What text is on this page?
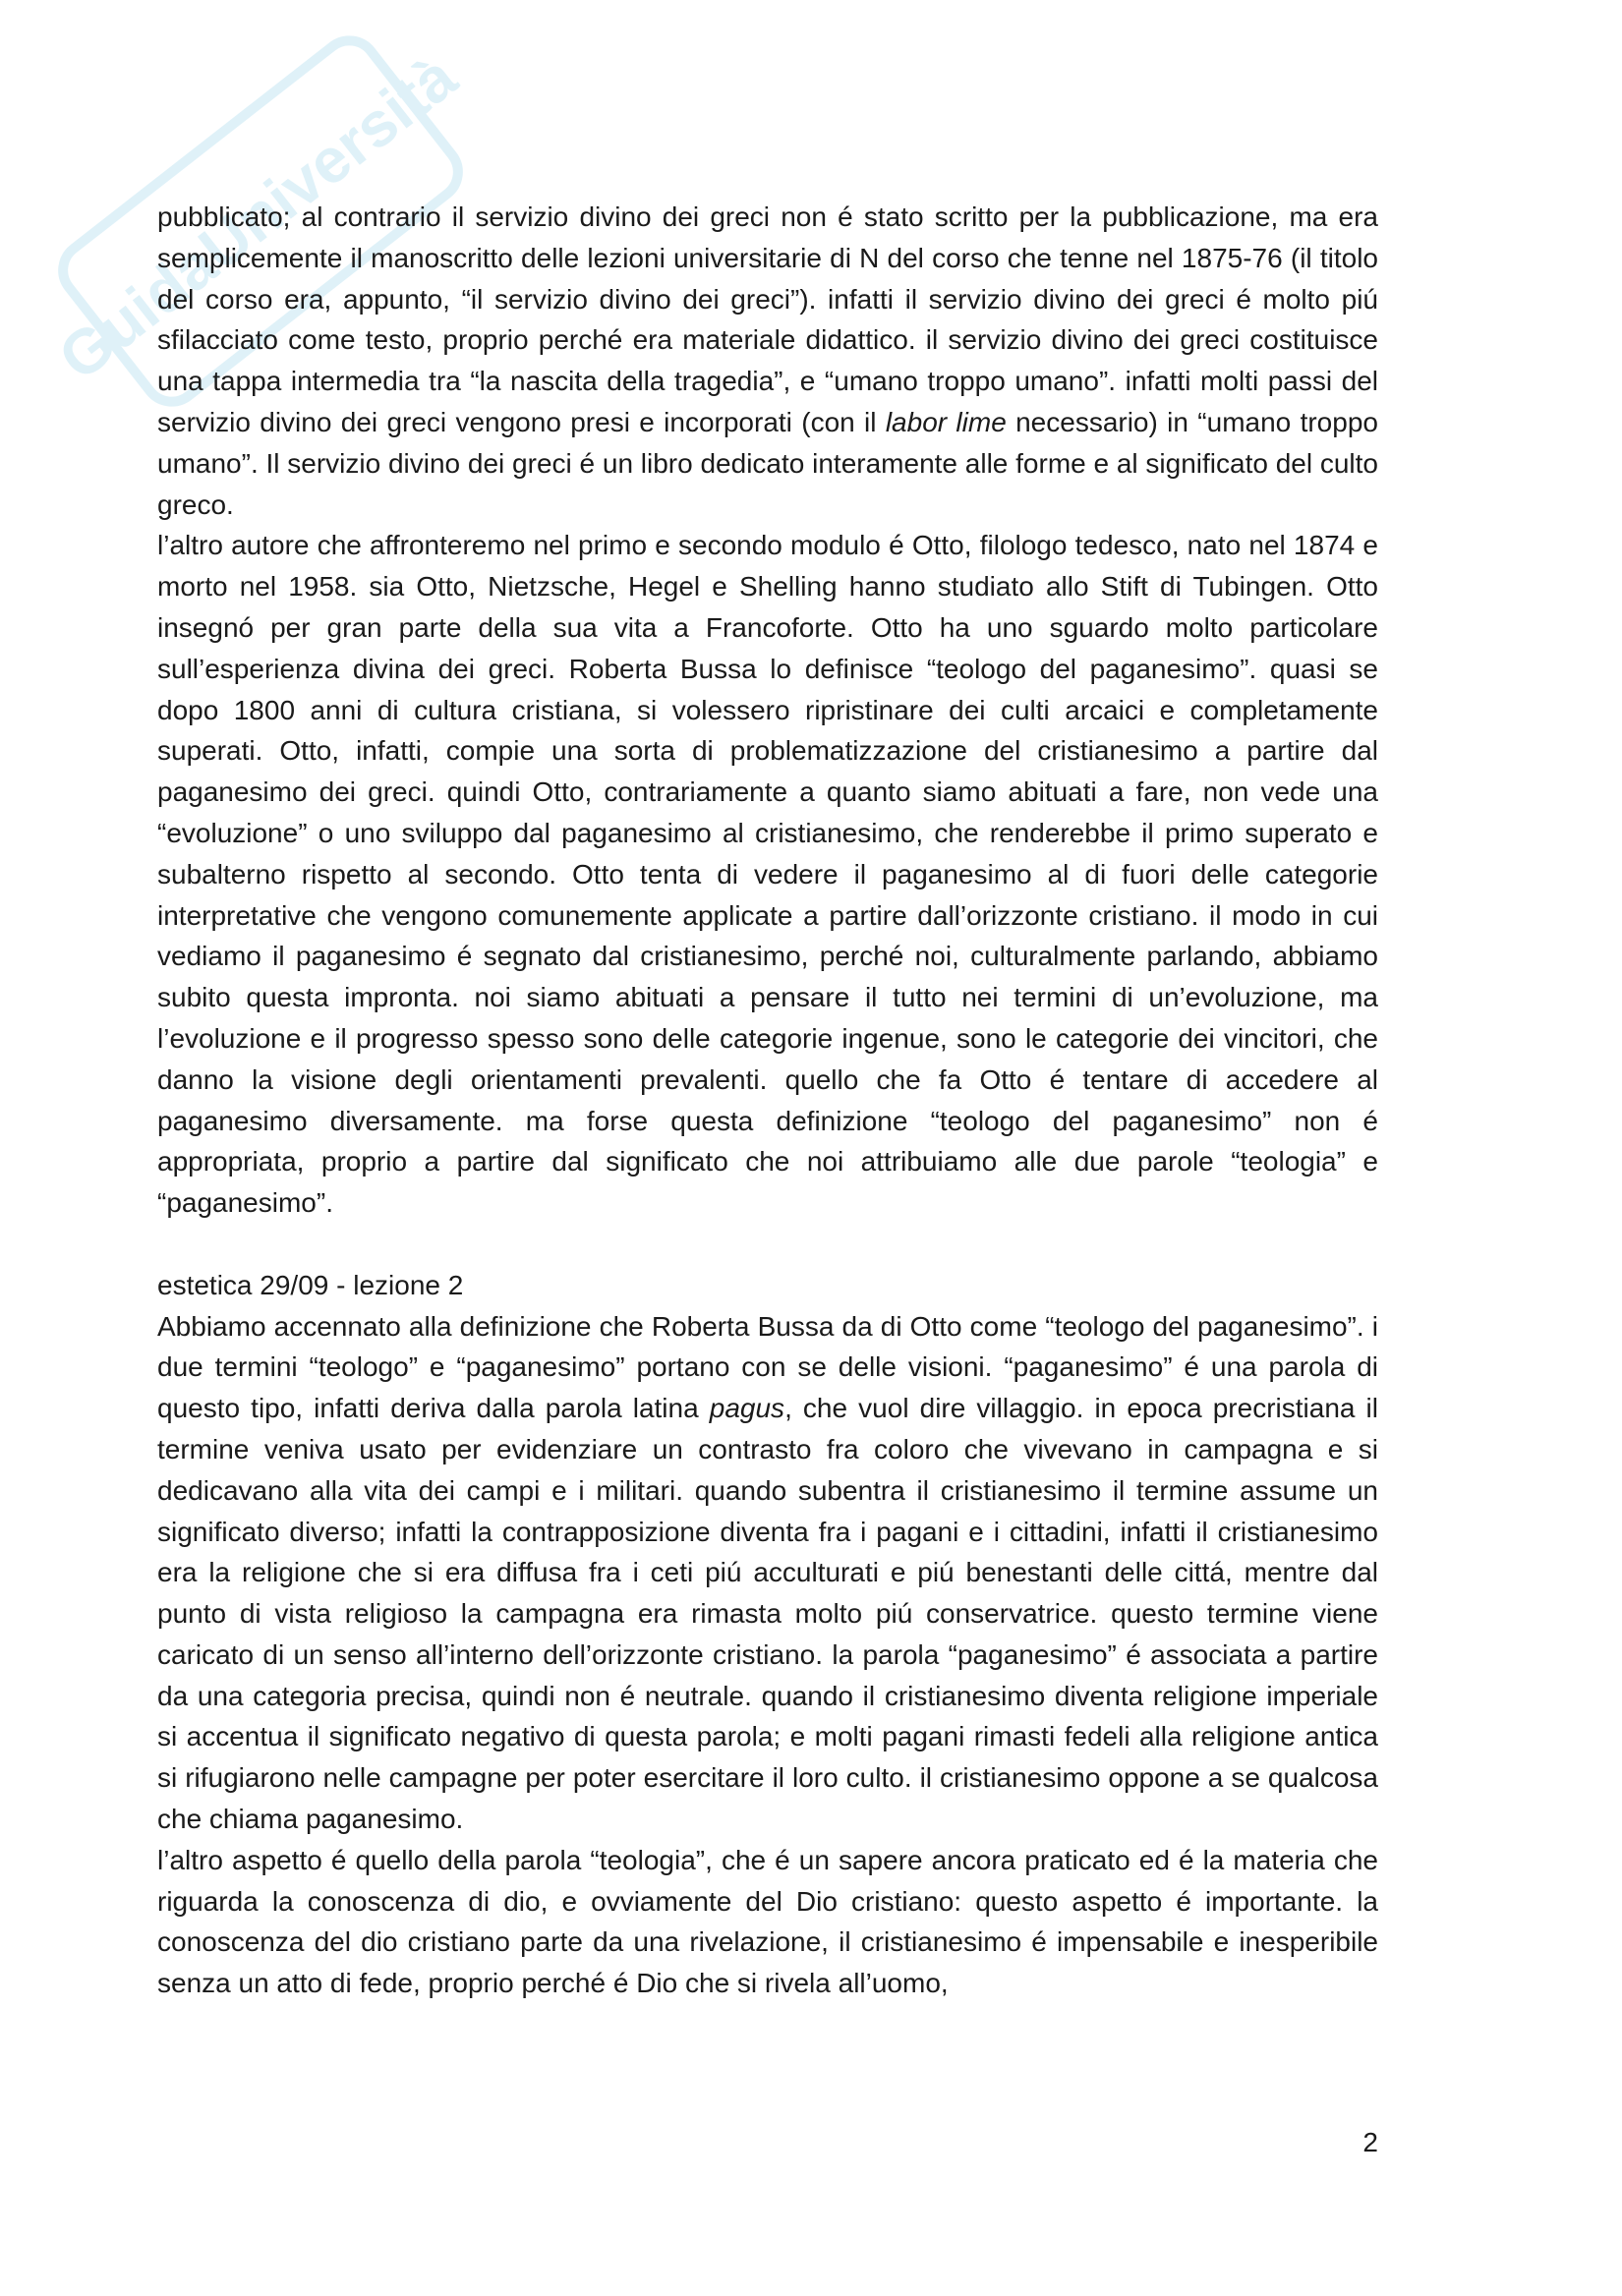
GuidaUniversità

pubblicato; al contrario il servizio divino dei greci non é stato scritto per la pubblicazione, ma era semplicemente il manoscritto delle lezioni universitarie di N del corso che tenne nel 1875-76 (il titolo del corso era, appunto, “il servizio divino dei greci”). infatti il servizio divino dei greci é molto piú sfilacciato come testo, proprio perché era materiale didattico. il servizio divino dei greci costituisce una tappa intermedia tra “la nascita della tragedia”, e “umano troppo umano”. infatti molti passi del servizio divino dei greci vengono presi e incorporati (con il labor lime necessario) in “umano troppo umano”. Il servizio divino dei greci é un libro dedicato interamente alle forme e al significato del culto greco.

l’altro autore che affronteremo nel primo e secondo modulo é Otto, filologo tedesco, nato nel 1874 e morto nel 1958. sia Otto, Nietzsche, Hegel e Shelling hanno studiato allo Stift di Tubingen. Otto insegnó per gran parte della sua vita a Francoforte. Otto ha uno sguardo molto particolare sull’esperienza divina dei greci. Roberta Bussa lo definisce “teologo del paganesimo”. quasi se dopo 1800 anni di cultura cristiana, si volessero ripristinare dei culti arcaici e completamente superati. Otto, infatti, compie una sorta di problematizzazione del cristianesimo a partire dal paganesimo dei greci. quindi Otto, contrariamente a quanto siamo abituati a fare, non vede una “evoluzione” o uno sviluppo dal paganesimo al cristianesimo, che renderebbe il primo superato e subalterno rispetto al secondo. Otto tenta di vedere il paganesimo al di fuori delle categorie interpretative che vengono comunemente applicate a partire dall’orizzonte cristiano. il modo in cui vediamo il paganesimo é segnato dal cristianesimo, perché noi, culturalmente parlando, abbiamo subito questa impronta. noi siamo abituati a pensare il tutto nei termini di un’evoluzione, ma l’evoluzione e il progresso spesso sono delle categorie ingenue, sono le categorie dei vincitori, che danno la visione degli orientamenti prevalenti. quello che fa Otto é tentare di accedere al paganesimo diversamente. ma forse questa definizione “teologo del paganesimo” non é appropriata, proprio a partire dal significato che noi attribuiamo alle due parole “teologia” e “paganesimo”.

estetica 29/09 - lezione 2

Abbiamo accennato alla definizione che Roberta Bussa da di Otto come “teologo del paganesimo”. i due termini “teologo” e “paganesimo” portano con se delle visioni. “paganesimo” é una parola di questo tipo, infatti deriva dalla parola latina pagus, che vuol dire villaggio. in epoca precristiana il termine veniva usato per evidenziare un contrasto fra coloro che vivevano in campagna e si dedicavano alla vita dei campi e i militari. quando subentra il cristianesimo il termine assume un significato diverso; infatti la contrapposizione diventa fra i pagani e i cittadini, infatti il cristianesimo era la religione che si era diffusa fra i ceti piú acculturati e piú benestanti delle cittá, mentre dal punto di vista religioso la campagna era rimasta molto piú conservatrice. questo termine viene caricato di un senso all’interno dell’orizzonte cristiano. la parola “paganesimo” é associata a partire da una categoria precisa, quindi non é neutrale. quando il cristianesimo diventa religione imperiale si accentua il significato negativo di questa parola; e molti pagani rimasti fedeli alla religione antica si rifugiarono nelle campagne per poter esercitare il loro culto. il cristianesimo oppone a se qualcosa che chiama paganesimo.

l’altro aspetto é quello della parola “teologia”, che é un sapere ancora praticato ed é la materia che riguarda la conoscenza di dio, e ovviamente del Dio cristiano: questo aspetto é importante. la conoscenza del dio cristiano parte da una rivelazione, il cristianesimo é impensabile e inesperibile senza un atto di fede, proprio perché é Dio che si rivela all’uomo,

2
